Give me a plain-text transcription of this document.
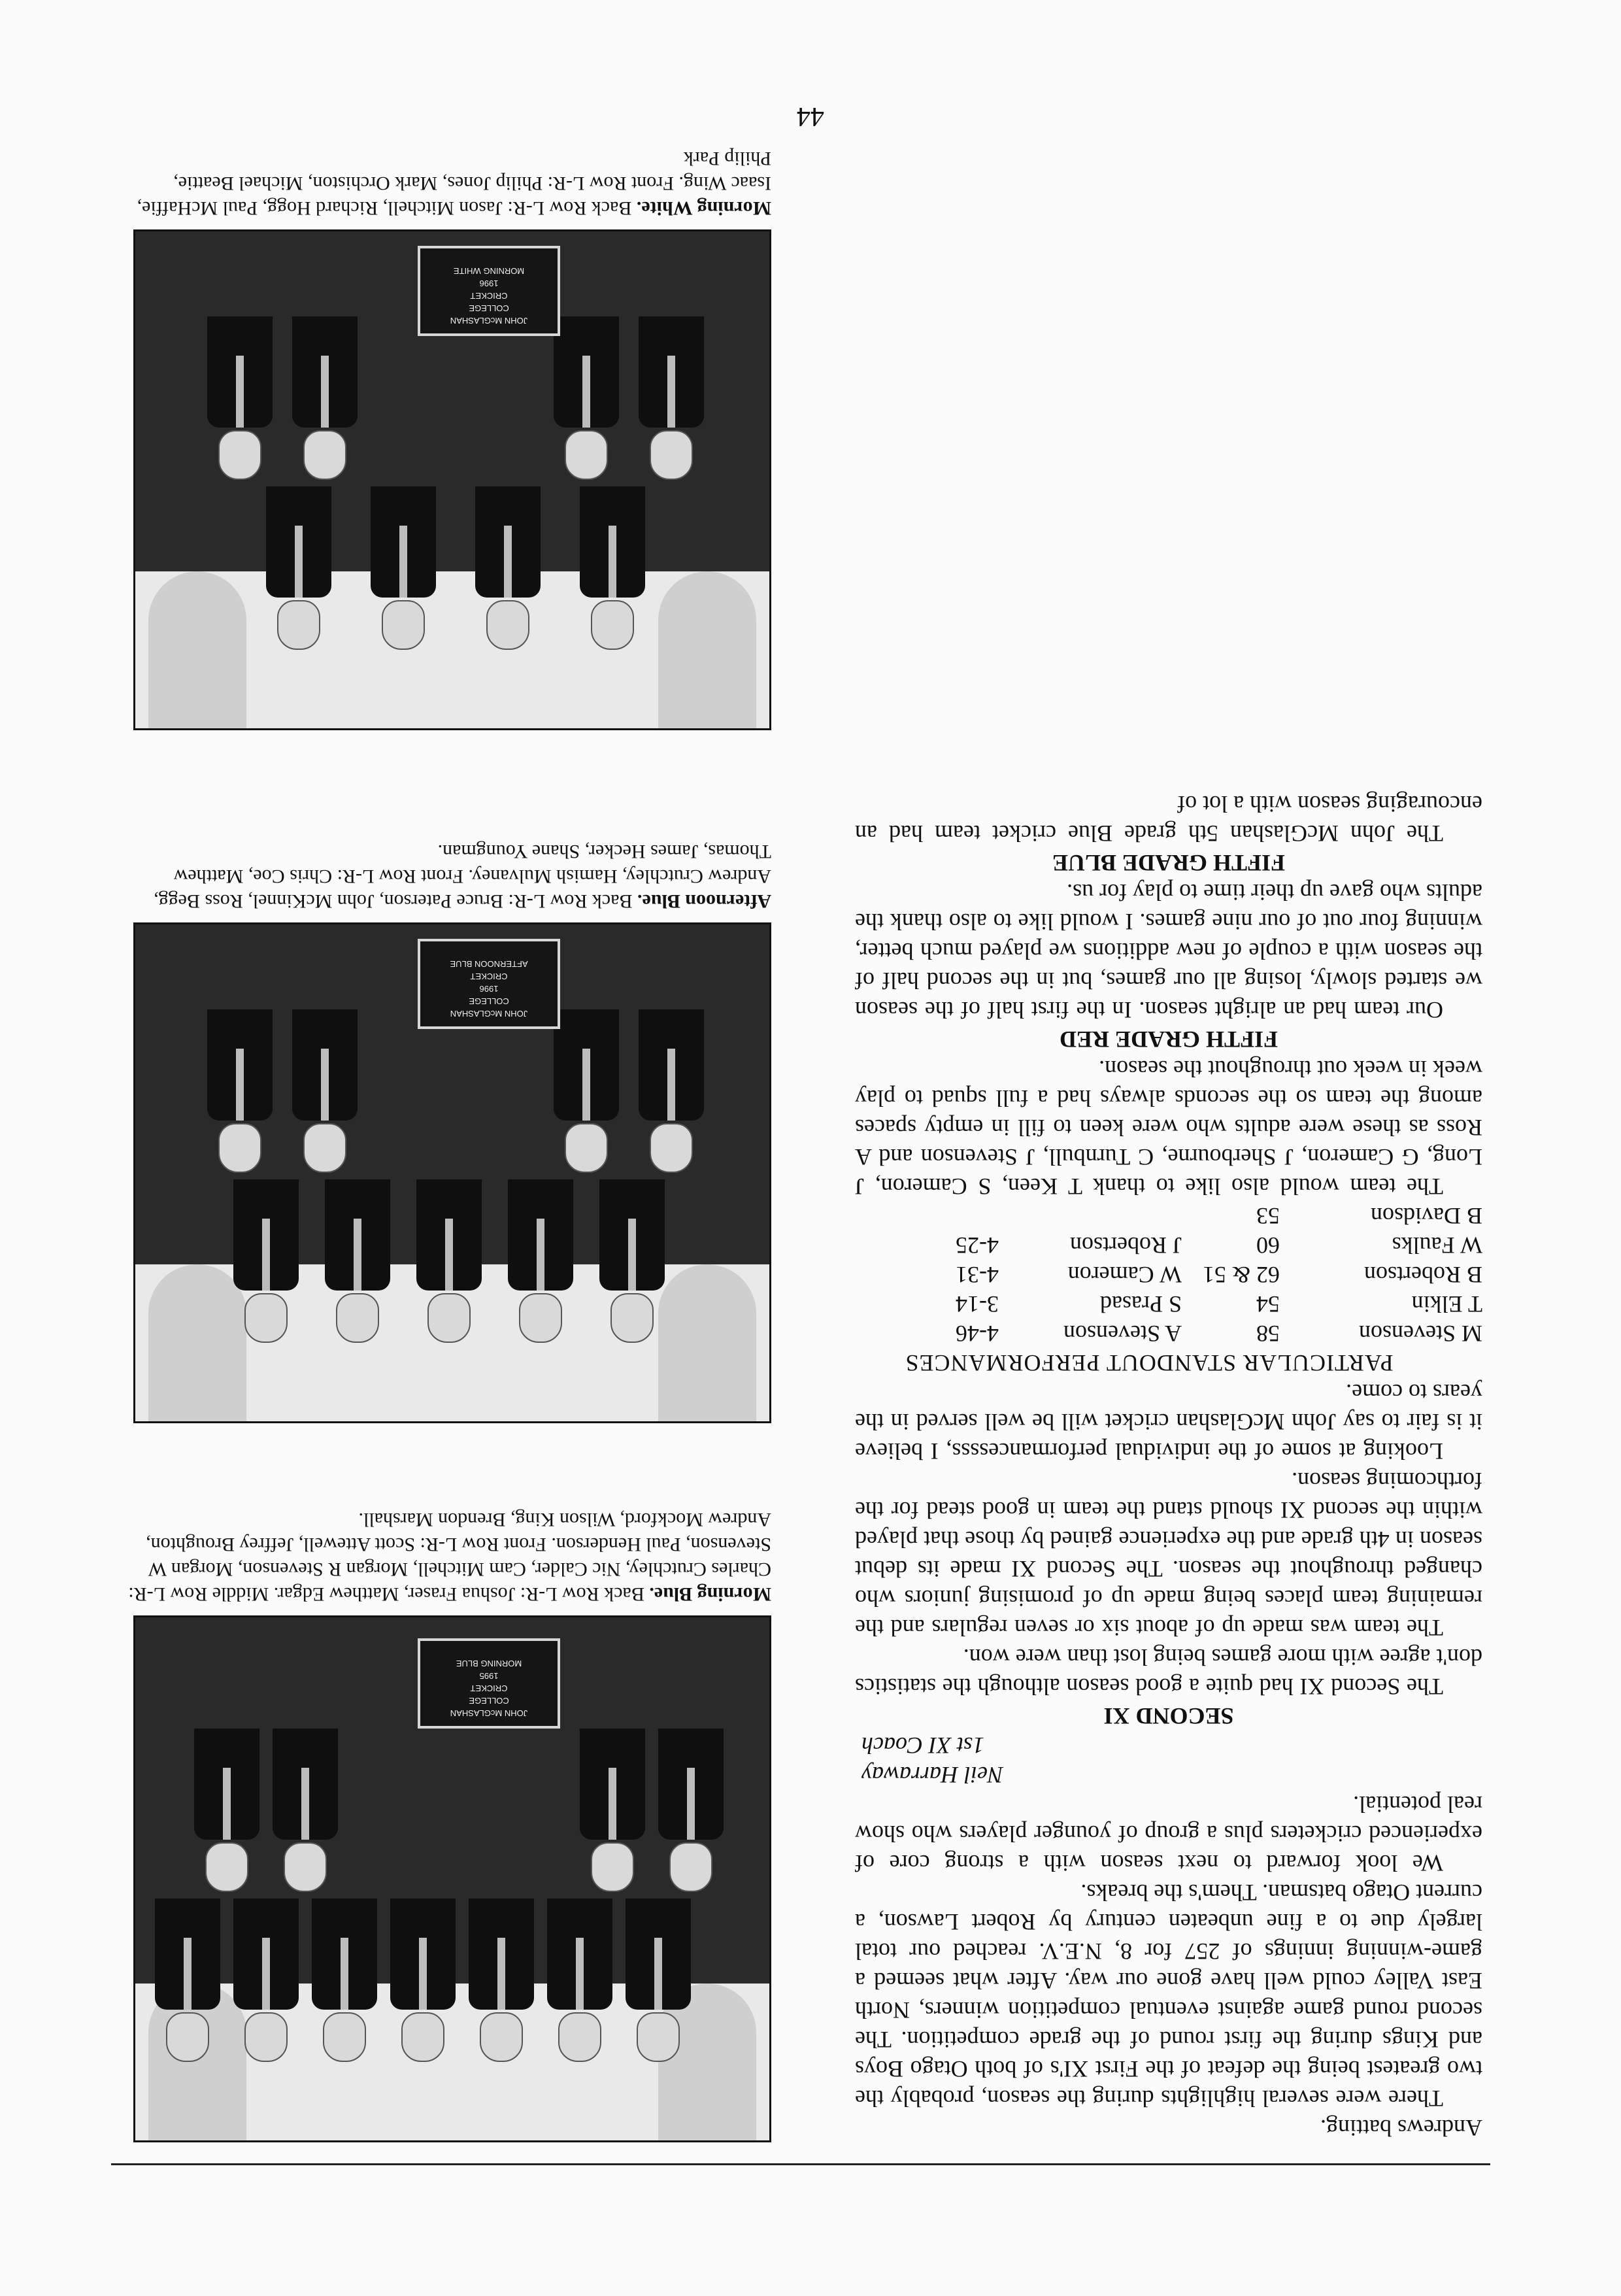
Andrews batting.

There were several highlights during the season, probably the two greatest being the defeat of the First XI's of both Otago Boys and Kings during the first round of the grade competition. The second round game against eventual competition winners, North East Valley could well have gone our way. After what seemed a game-winning innings of 257 for 8, N.E.V. reached our total largely due to a fine unbeaten century by Robert Lawson, a current Otago batsman. Them's the breaks.

We look forward to next season with a strong core of experienced cricketers plus a group of younger players who show real potential.

Neil Harraway

1st XI Coach

SECOND XI

The Second XI had quite a good season although the statistics don't agree with more games being lost than were won.

The team was made up of about six or seven regulars and the remaining team places being made up of promising juniors who changed throughout the season. The Second XI made its debut season in 4th grade and the experience gained by those that played within the second XI should stand the team in good stead for the forthcoming season.

Looking at some of the individual performancessss, I believe it is fair to say John McGlashan cricket will be well served in the years to come.

PARTICULAR STANDOUT PERFORMANCES

M Stevenson	58	A Stevenson	4-46
T Elkin	54	S Prasad	3-14
B Robertson	62 & 51	W Cameron	4-31
W Faulks	60	J Robertson	4-25
B Davidson	53		

The team would also like to thank T Keen, S Cameron, J Long, G Cameron, J Sherbourne, C Turnbull, J Stevenson and A Ross as these were adults who were keen to fill in empty spaces among the team so the seconds always had a full squad to play week in week out throughout the season.

FIFTH GRADE RED

Our team had an alright season. In the first half of the season we started slowly, losing all our games, but in the second half of the season with a couple of new additions we played much better, winning four out of our nine games. I would like to also thank the adults who gave up their time to play for us.

FIFTH GRADE BLUE

The John McGlashan 5th grade Blue cricket team had an encouraging season with a lot of

JOHN McGLASHAN
COLLEGE
CRICKET
1995
MORNING BLUE
Morning Blue. Back Row L-R: Joshua Fraser, Matthew Edgar. Middle Row L-R: Charles Crutchley, Nic Calder, Cam Mitchell, Morgan R Stevenson, Morgan W Stevenson, Paul Henderson. Front Row L-R: Scott Attewell, Jeffrey Broughton, Andrew Mockford, Wilson King, Brendon Marshall.
JOHN McGLASHAN
COLLEGE
1996
CRICKET
AFTERNOON BLUE
Afternoon Blue. Back Row L-R: Bruce Paterson, John McKinnel, Ross Begg, Andrew Crutchley, Hamish Mulvaney. Front Row L-R: Chris Coe, Matthew Thomas, James Hecker, Shane Youngman.
JOHN McGLASHAN
COLLEGE
CRICKET
1996
MORNING WHITE
Morning White. Back Row L-R: Jason Mitchell, Richard Hogg, Paul McHaffie, Isaac Wing. Front Row L-R: Philip Jones, Mark Orchiston, Michael Beattie, Philip Park
44
